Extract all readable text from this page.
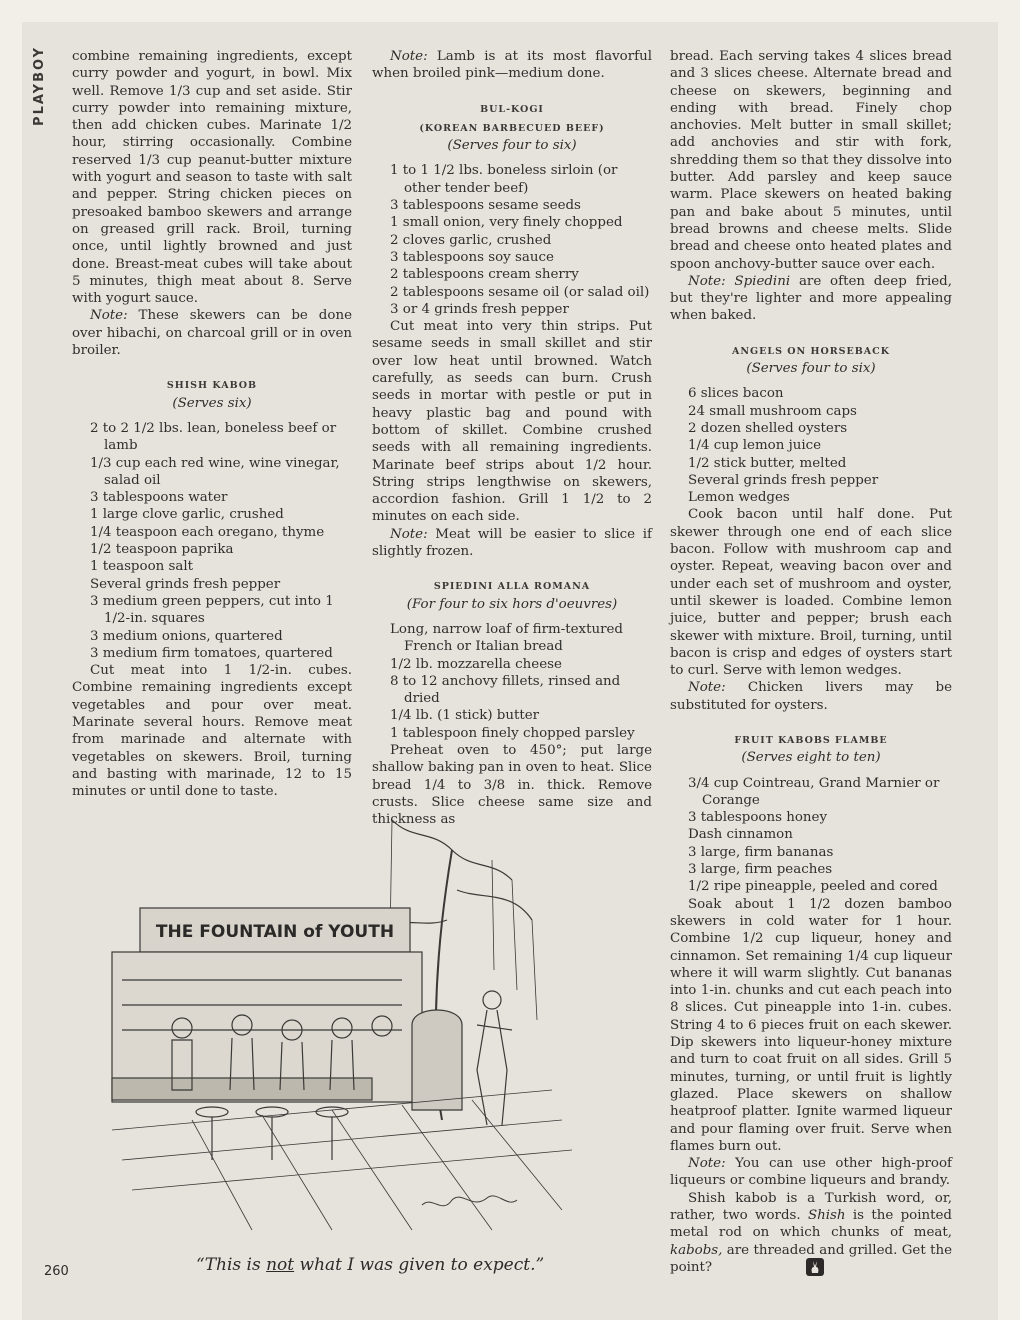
PLAYBOY combine remaining ingredients, except curry powder and yogurt, in bowl. Mix well. Remove 1/3 cup and set aside. Stir curry powder into remaining mixture, then add chicken cubes. Marinate 1/2 hour, stirring occasionally. Combine reserved 1/3 cup peanut-butter mixture with yogurt and season to taste with salt and pepper. String chicken pieces on presoaked bamboo skewers and arrange on greased grill rack. Broil, turning once, until lightly browned and just done. Breast-meat cubes will take about 5 minutes, thigh meat about 8. Serve with yogurt sauce.

Note: These skewers can be done over hibachi, on charcoal grill or in oven broiler.

SHISH KABOB
(Serves six)
2 to 2 1/2 lbs. lean, boneless beef or lamb
1/3 cup each red wine, wine vinegar, salad oil
3 tablespoons water
1 large clove garlic, crushed
1/4 teaspoon each oregano, thyme
1/2 teaspoon paprika
1 teaspoon salt
Several grinds fresh pepper
3 medium green peppers, cut into 1 1/2-in. squares
3 medium onions, quartered
3 medium firm tomatoes, quartered

Cut meat into 1 1/2-in. cubes. Combine remaining ingredients except vegetables and pour over meat. Marinate several hours. Remove meat from marinade and alternate with vegetables on skewers. Broil, turning and basting with marinade, 12 to 15 minutes or until done to taste.

Note: Lamb is at its most flavorful when broiled pink—medium done.

BUL-KOGI
(KOREAN BARBECUED BEEF)
(Serves four to six)
1 to 1 1/2 lbs. boneless sirloin (or other tender beef)
3 tablespoons sesame seeds
1 small onion, very finely chopped
2 cloves garlic, crushed
3 tablespoons soy sauce
2 tablespoons cream sherry
2 tablespoons sesame oil (or salad oil)
3 or 4 grinds fresh pepper

Cut meat into very thin strips. Put sesame seeds in small skillet and stir over low heat until browned. Watch carefully, as seeds can burn. Crush seeds in mortar with pestle or put in heavy plastic bag and pound with bottom of skillet. Combine crushed seeds with all remaining ingredients. Marinate beef strips about 1/2 hour. String strips lengthwise on skewers, accordion fashion. Grill 1 1/2 to 2 minutes on each side.

Note: Meat will be easier to slice if slightly frozen.

SPIEDINI ALLA ROMANA
(For four to six hors d'oeuvres)
Long, narrow loaf of firm-textured French or Italian bread
1/2 lb. mozzarella cheese
8 to 12 anchovy fillets, rinsed and dried
1/4 lb. (1 stick) butter
1 tablespoon finely chopped parsley

Preheat oven to 450°; put large shallow baking pan in oven to heat. Slice bread 1/4 to 3/8 in. thick. Remove crusts. Slice cheese same size and thickness as

bread. Each serving takes 4 slices bread and 3 slices cheese. Alternate bread and cheese on skewers, beginning and ending with bread. Finely chop anchovies. Melt butter in small skillet; add anchovies and stir with fork, shredding them so that they dissolve into butter. Add parsley and keep sauce warm. Place skewers on heated baking pan and bake about 5 minutes, until bread browns and cheese melts. Slide bread and cheese onto heated plates and spoon anchovy-butter sauce over each.

Note: Spiedini are often deep fried, but they're lighter and more appealing when baked.

ANGELS ON HORSEBACK
(Serves four to six)
6 slices bacon
24 small mushroom caps
2 dozen shelled oysters
1/4 cup lemon juice
1/2 stick butter, melted
Several grinds fresh pepper
Lemon wedges

Cook bacon until half done. Put skewer through one end of each slice bacon. Follow with mushroom cap and oyster. Repeat, weaving bacon over and under each set of mushroom and oyster, until skewer is loaded. Combine lemon juice, butter and pepper; brush each skewer with mixture. Broil, turning, until bacon is crisp and edges of oysters start to curl. Serve with lemon wedges.

Note: Chicken livers may be substituted for oysters.

FRUIT KABOBS FLAMBE
(Serves eight to ten)
3/4 cup Cointreau, Grand Marnier or Corange
3 tablespoons honey
Dash cinnamon
3 large, firm bananas
3 large, firm peaches
1/2 ripe pineapple, peeled and cored

Soak about 1 1/2 dozen bamboo skewers in cold water for 1 hour. Combine 1/2 cup liqueur, honey and cinnamon. Set remaining 1/4 cup liqueur where it will warm slightly. Cut bananas into 1-in. chunks and cut each peach into 8 slices. Cut pineapple into 1-in. cubes. String 4 to 6 pieces fruit on each skewer. Dip skewers into liqueur-honey mixture and turn to coat fruit on all sides. Grill 5 minutes, turning, or until fruit is lightly glazed. Place skewers on shallow heatproof platter. Ignite warmed liqueur and pour flaming over fruit. Serve when flames burn out.

Note: You can use other high-proof liqueurs or combine liqueurs and brandy.

Shish kabob is a Turkish word, or, rather, two words. Shish is the pointed metal rod on which chunks of meat, kabobs, are threaded and grilled. Get the point?

THE FOUNTAIN of YOUTH
“This is not what I was given to expect.”
260
